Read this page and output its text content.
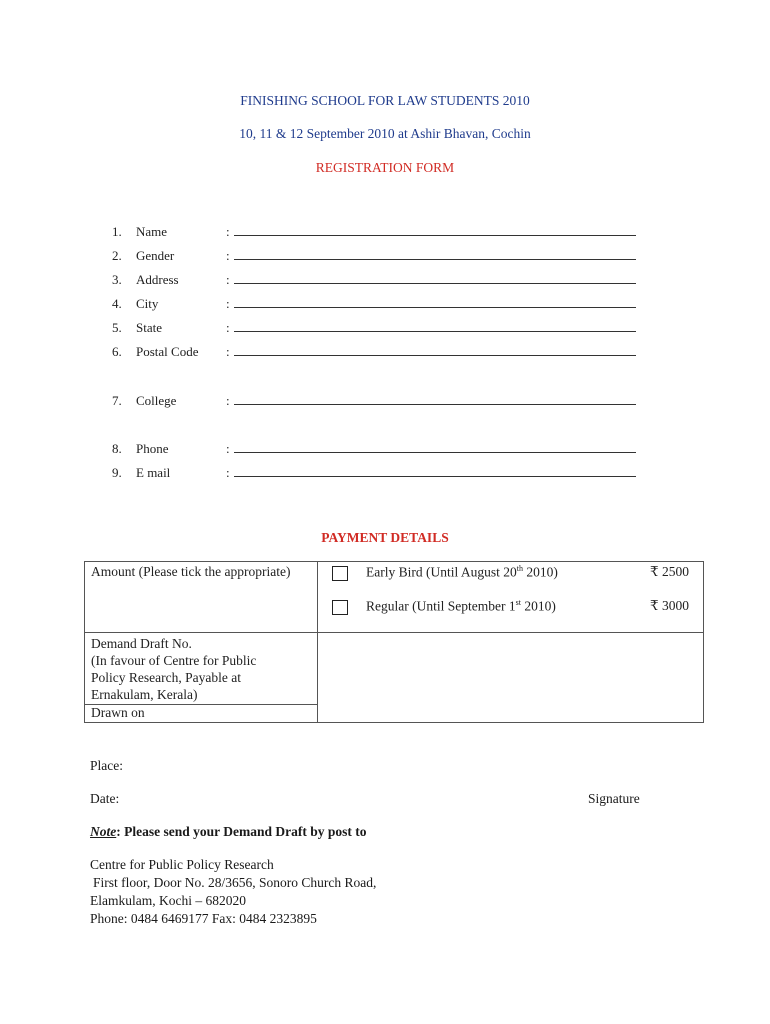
FINISHING SCHOOL FOR LAW STUDENTS 2010
10, 11 & 12 September 2010 at Ashir Bhavan, Cochin
REGISTRATION FORM
1.	Name	:
2.	Gender	:
3.	Address	:
4.	City	:
5.	State	:
6.	Postal Code :
7.	College	:
8.	Phone	:
9.	E mail	:
PAYMENT DETAILS
Amount (Please tick the appropriate)	Early Bird (Until August 20th 2010) ₹ 2500
Regular (Until September 1st 2010) ₹ 3000

Demand Draft No.
(In favour of Centre for Public
Policy Research, Payable at
Ernakulam, Kerala)	

Drawn on	
Place:
Date:	Signature
Note: Please send your Demand Draft by post to
Centre for Public Policy Research
First floor, Door No. 28/3656, Sonoro Church Road,
Elamkulam, Kochi – 682020
Phone: 0484 6469177 Fax: 0484 2323895
